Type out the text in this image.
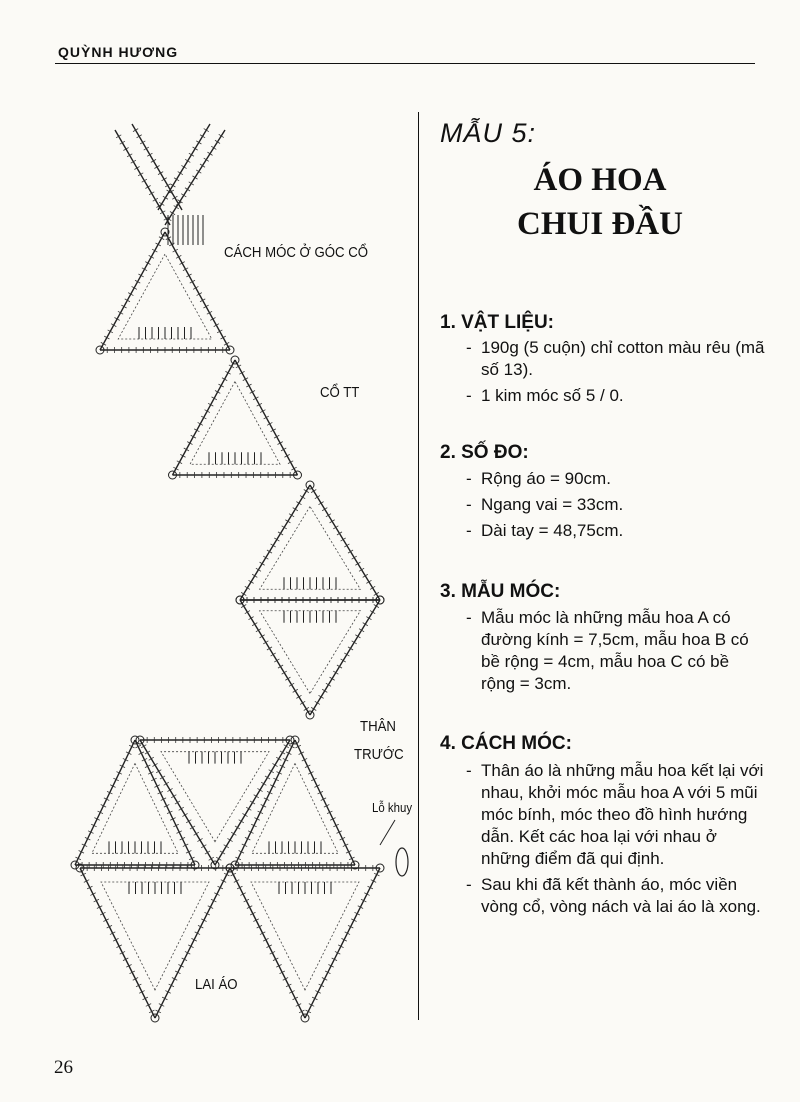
QUỲNH HƯƠNG
CÁCH MÓC Ở GÓC CỔ
CỔ TT
THÂN
TRƯỚC
Lỗ khuy
LAI ÁO
MẪU 5:
ÁO HOA
CHUI ĐẦU
1. VẬT LIỆU:
- 190g (5 cuộn) chỉ cotton màu rêu (mã số 13).
- 1 kim móc số 5 / 0.
2. SỐ ĐO:
- Rộng áo = 90cm.
- Ngang vai = 33cm.
- Dài tay = 48,75cm.
3. MẪU MÓC:
- Mẫu móc là những mẫu hoa A có đường kính = 7,5cm, mẫu hoa B có bề rộng = 4cm, mẫu hoa C có bề rộng = 3cm.
4. CÁCH MÓC:
- Thân áo là những mẫu hoa kết lại với nhau, khởi móc mẫu hoa A với 5 mũi móc bính, móc theo đồ hình hướng dẫn. Kết các hoa lại với nhau ở những điểm đã qui định.
- Sau khi đã kết thành áo, móc viền vòng cổ, vòng nách và lai áo là xong.
26
